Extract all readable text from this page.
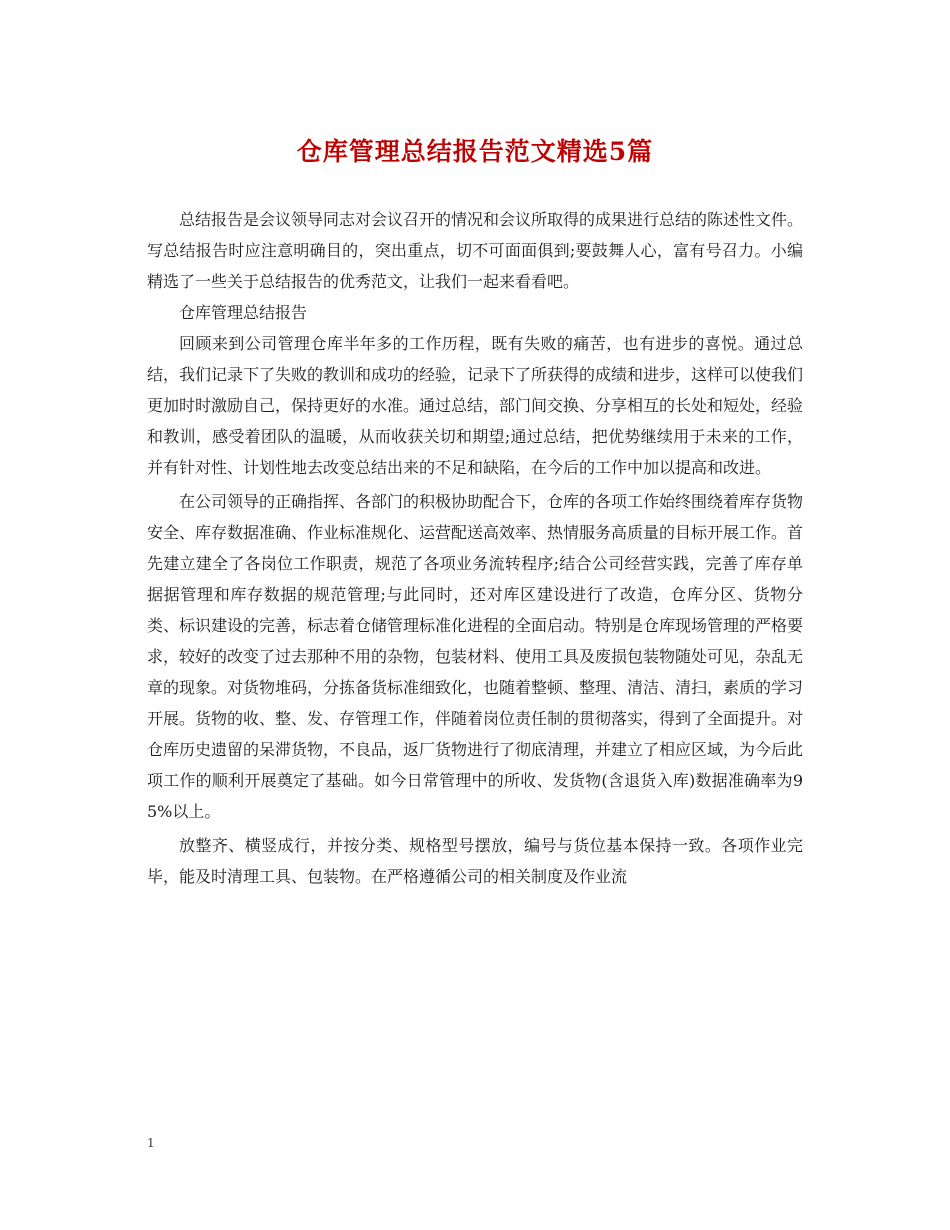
仓库管理总结报告范文精选5篇

总结报告是会议领导同志对会议召开的情况和会议所取得的成果进行总结的陈述性文件。写总结报告时应注意明确目的，突出重点，切不可面面俱到;要鼓舞人心，富有号召力。小编精选了一些关于总结报告的优秀范文，让我们一起来看看吧。

仓库管理总结报告

回顾来到公司管理仓库半年多的工作历程，既有失败的痛苦，也有进步的喜悦。通过总结，我们记录下了失败的教训和成功的经验，记录下了所获得的成绩和进步，这样可以使我们更加时时激励自己，保持更好的水准。通过总结，部门间交换、分享相互的长处和短处，经验和教训，感受着团队的温暖，从而收获关切和期望;通过总结，把优势继续用于未来的工作，并有针对性、计划性地去改变总结出来的不足和缺陷，在今后的工作中加以提高和改进。

在公司领导的正确指挥、各部门的积极协助配合下，仓库的各项工作始终围绕着库存货物安全、库存数据准确、作业标准规化、运营配送高效率、热情服务高质量的目标开展工作。首先建立建全了各岗位工作职责，规范了各项业务流转程序;结合公司经营实践，完善了库存单据据管理和库存数据的规范管理;与此同时，还对库区建设进行了改造，仓库分区、货物分类、标识建设的完善，标志着仓储管理标准化进程的全面启动。特别是仓库现场管理的严格要求，较好的改变了过去那种不用的杂物，包装材料、使用工具及废损包装物随处可见，杂乱无章的现象。对货物堆码，分拣备货标准细致化，也随着整顿、整理、清洁、清扫，素质的学习开展。货物的收、整、发、存管理工作，伴随着岗位责任制的贯彻落实，得到了全面提升。对仓库历史遗留的呆滞货物，不良品，返厂货物进行了彻底清理，并建立了相应区域，为今后此项工作的顺利开展奠定了基础。如今日常管理中的所收、发货物(含退货入库)数据准确率为95%以上。

放整齐、横竖成行，并按分类、规格型号摆放，编号与货位基本保持一致。各项作业完毕，能及时清理工具、包装物。在严格遵循公司的相关制度及作业流

1
